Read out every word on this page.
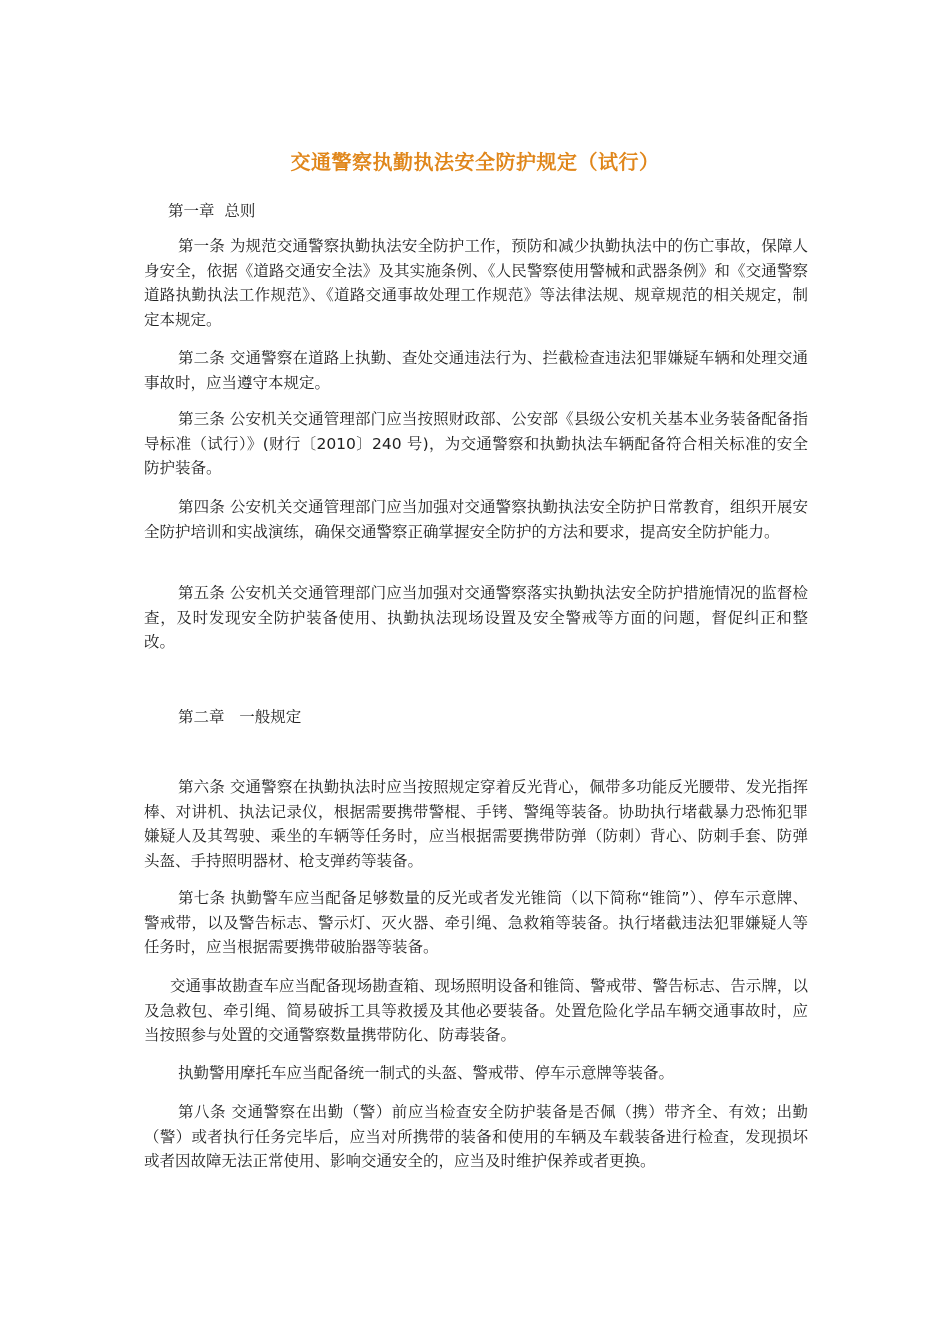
交通警察执勤执法安全防护规定（试行）
第一章  总则
第一条 为规范交通警察执勤执法安全防护工作，预防和减少执勤执法中的伤亡事故，保障人身安全，依据《道路交通安全法》及其实施条例、《人民警察使用警械和武器条例》和《交通警察道路执勤执法工作规范》、《道路交通事故处理工作规范》等法律法规、规章规范的相关规定，制定本规定。
第二条 交通警察在道路上执勤、查处交通违法行为、拦截检查违法犯罪嫌疑车辆和处理交通事故时，应当遵守本规定。
第三条 公安机关交通管理部门应当按照财政部、公安部《县级公安机关基本业务装备配备指导标准（试行）》(财行〔2010〕240 号)，为交通警察和执勤执法车辆配备符合相关标准的安全防护装备。
第四条 公安机关交通管理部门应当加强对交通警察执勤执法安全防护日常教育，组织开展安全防护培训和实战演练，确保交通警察正确掌握安全防护的方法和要求，提高安全防护能力。
第五条 公安机关交通管理部门应当加强对交通警察落实执勤执法安全防护措施情况的监督检查，及时发现安全防护装备使用、执勤执法现场设置及安全警戒等方面的问题，督促纠正和整改。
第二章   一般规定
第六条 交通警察在执勤执法时应当按照规定穿着反光背心，佩带多功能反光腰带、发光指挥棒、对讲机、执法记录仪，根据需要携带警棍、手铐、警绳等装备。协助执行堵截暴力恐怖犯罪嫌疑人及其驾驶、乘坐的车辆等任务时，应当根据需要携带防弹（防刺）背心、防刺手套、防弹头盔、手持照明器材、枪支弹药等装备。
第七条 执勤警车应当配备足够数量的反光或者发光锥筒（以下简称“锥筒”）、停车示意牌、警戒带，以及警告标志、警示灯、灭火器、牵引绳、急救箱等装备。执行堵截违法犯罪嫌疑人等任务时，应当根据需要携带破胎器等装备。
交通事故勘查车应当配备现场勘查箱、现场照明设备和锥筒、警戒带、警告标志、告示牌，以及急救包、牵引绳、简易破拆工具等救援及其他必要装备。处置危险化学品车辆交通事故时，应当按照参与处置的交通警察数量携带防化、防毒装备。
执勤警用摩托车应当配备统一制式的头盔、警戒带、停车示意牌等装备。
第八条 交通警察在出勤（警）前应当检查安全防护装备是否佩（携）带齐全、有效；出勤（警）或者执行任务完毕后，应当对所携带的装备和使用的车辆及车载装备进行检查，发现损坏或者因故障无法正常使用、影响交通安全的，应当及时维护保养或者更换。
